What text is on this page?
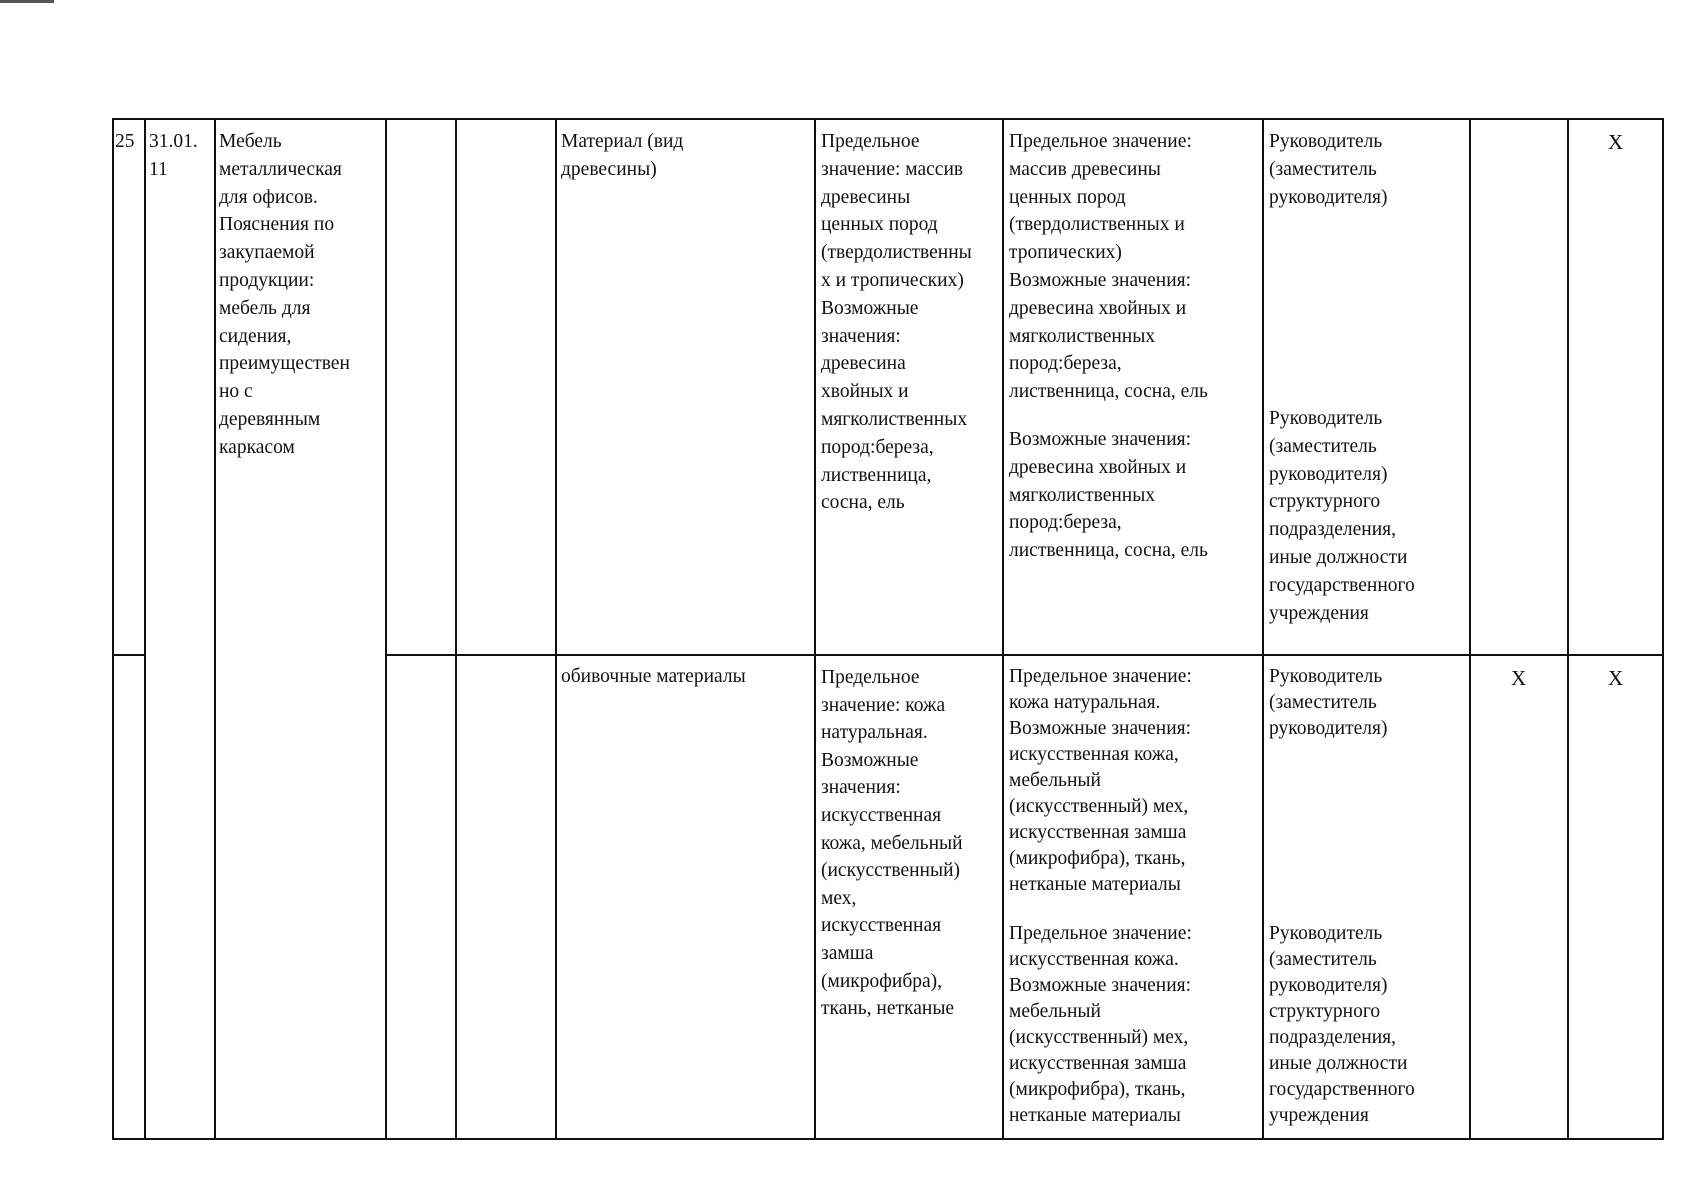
25 31.01.
11
Мебель
металлическая
для офисов.
Пояснения по
закупаемой
продукции:
мебель для
сидения,
преимуществен
но с
деревянным
каркасом
Материал (вид
древесины)
Предельное
значение: массив
древесины
ценных пород
(твердолиственны
х и тропических)
Возможные
значения:
древесина
хвойных и
мягколиственных
пород:береза,
лиственница,
сосна, ель
Предельное значение:
массив древесины
ценных пород
(твердолиственных и
тропических)
Возможные значения:
древесина хвойных и
мягколиственных
пород:береза,
лиственница, сосна, ель
Возможные значения:
древесина хвойных и
мягколиственных
пород:береза,
лиственница, сосна, ель
Руководитель
(заместитель
руководителя)
Руководитель
(заместитель
руководителя)
структурного
подразделения,
иные должности
государственного
учреждения
X
обивочные материалы	Предельное
значение: кожа
натуральная.
Возможные
значения:
искусственная
кожа, мебельный
(искусственный)
мех,
искусственная
замша
(микрофибра),
ткань, нетканые
Предельное значение:
кожа натуральная.
Возможные значения:
искусственная кожа,
мебельный
(искусственный) мех,
искусственная замша
(микрофибра), ткань,
нетканые материалы
Предельное значение:
искусственная кожа.
Возможные значения:
мебельный
(искусственный) мех,
искусственная замша
(микрофибра), ткань,
нетканые материалы
Руководитель
(заместитель
руководителя)
Руководитель
(заместитель
руководителя)
структурного
подразделения,
иные должности
государственного
учреждения
X	X
